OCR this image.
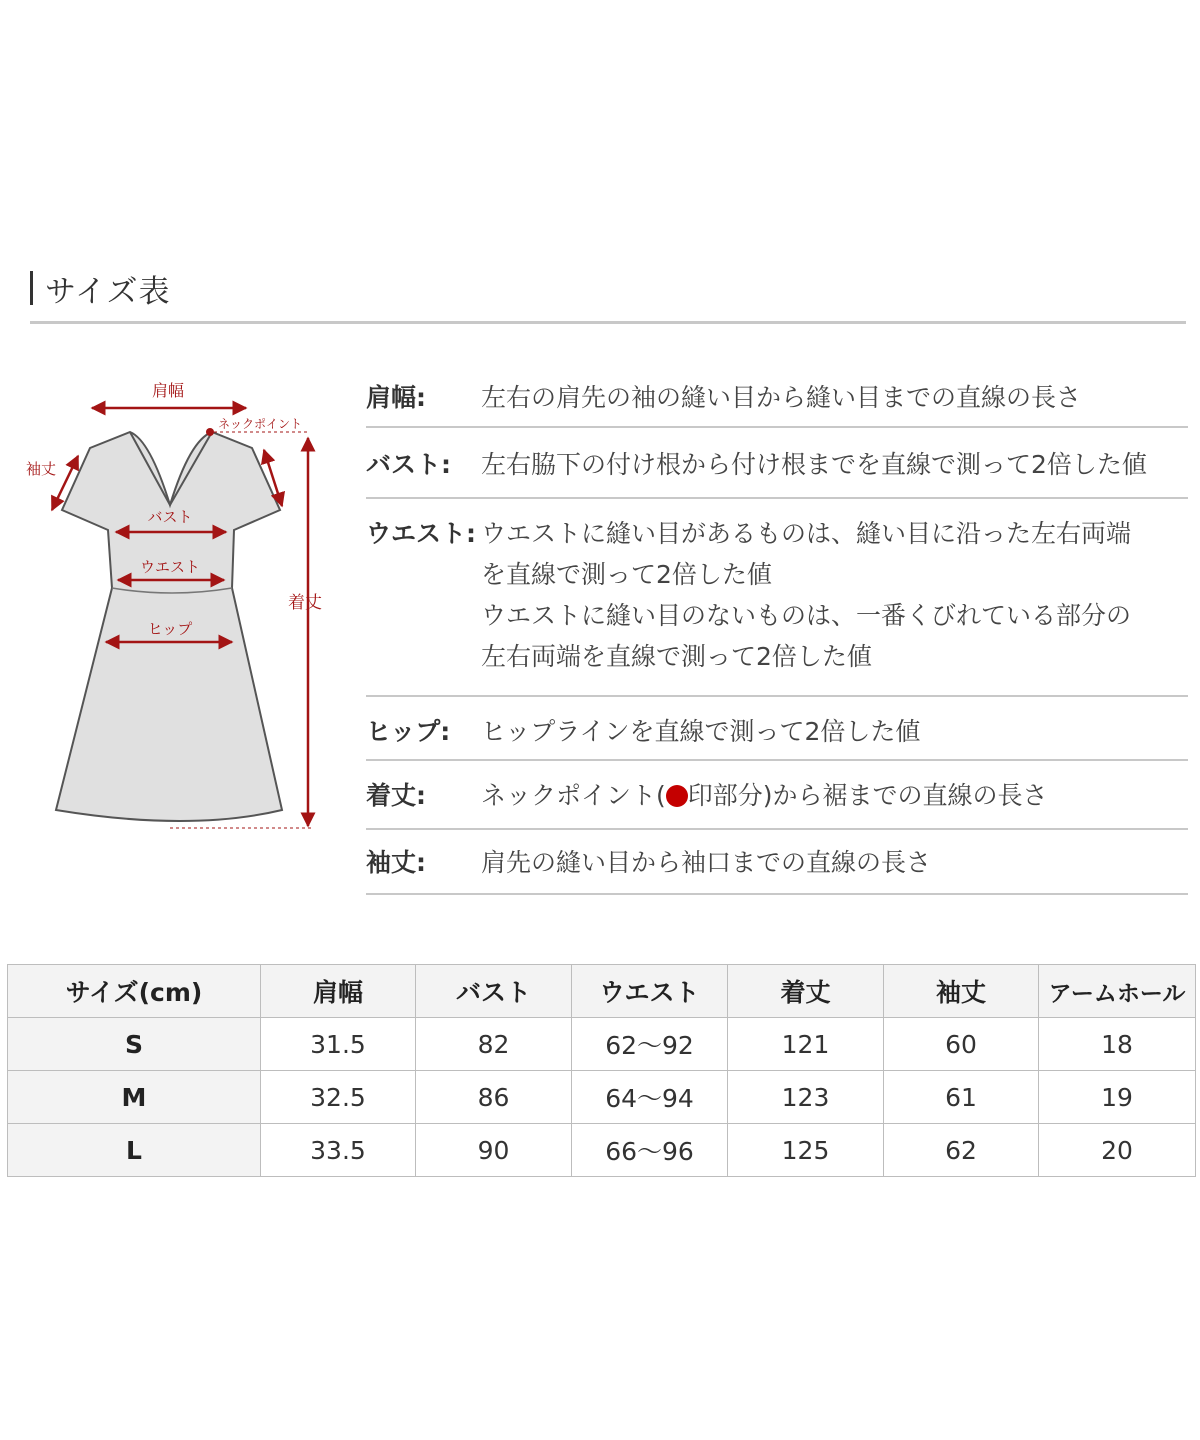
サイズ表
肩幅
ネックポイント
袖丈
バスト
ウエスト
ヒップ
着丈
肩幅:	左右の肩先の袖の縫い目から縫い目までの直線の長さ
バスト:	左右脇下の付け根から付け根までを直線で測って2倍した値
ウエスト: ウエストに縫い目があるものは、縫い目に沿った左右両端
を直線で測って2倍した値
ウエストに縫い目のないものは、一番くびれている部分の
左右両端を直線で測って2倍した値
ヒップ:	ヒップラインを直線で測って2倍した値
着丈:	ネックポイント( 印部分)から裾までの直線の長さ
袖丈:	肩先の縫い目から袖口までの直線の長さ
サイズ(cm)	肩幅	バスト	ウエスト	着丈	袖丈	アームホール
S	31.5	82	62〜92	121	60	18
M	32.5	86	64〜94	123	61	19
L	33.5	90	66〜96	125	62	20
